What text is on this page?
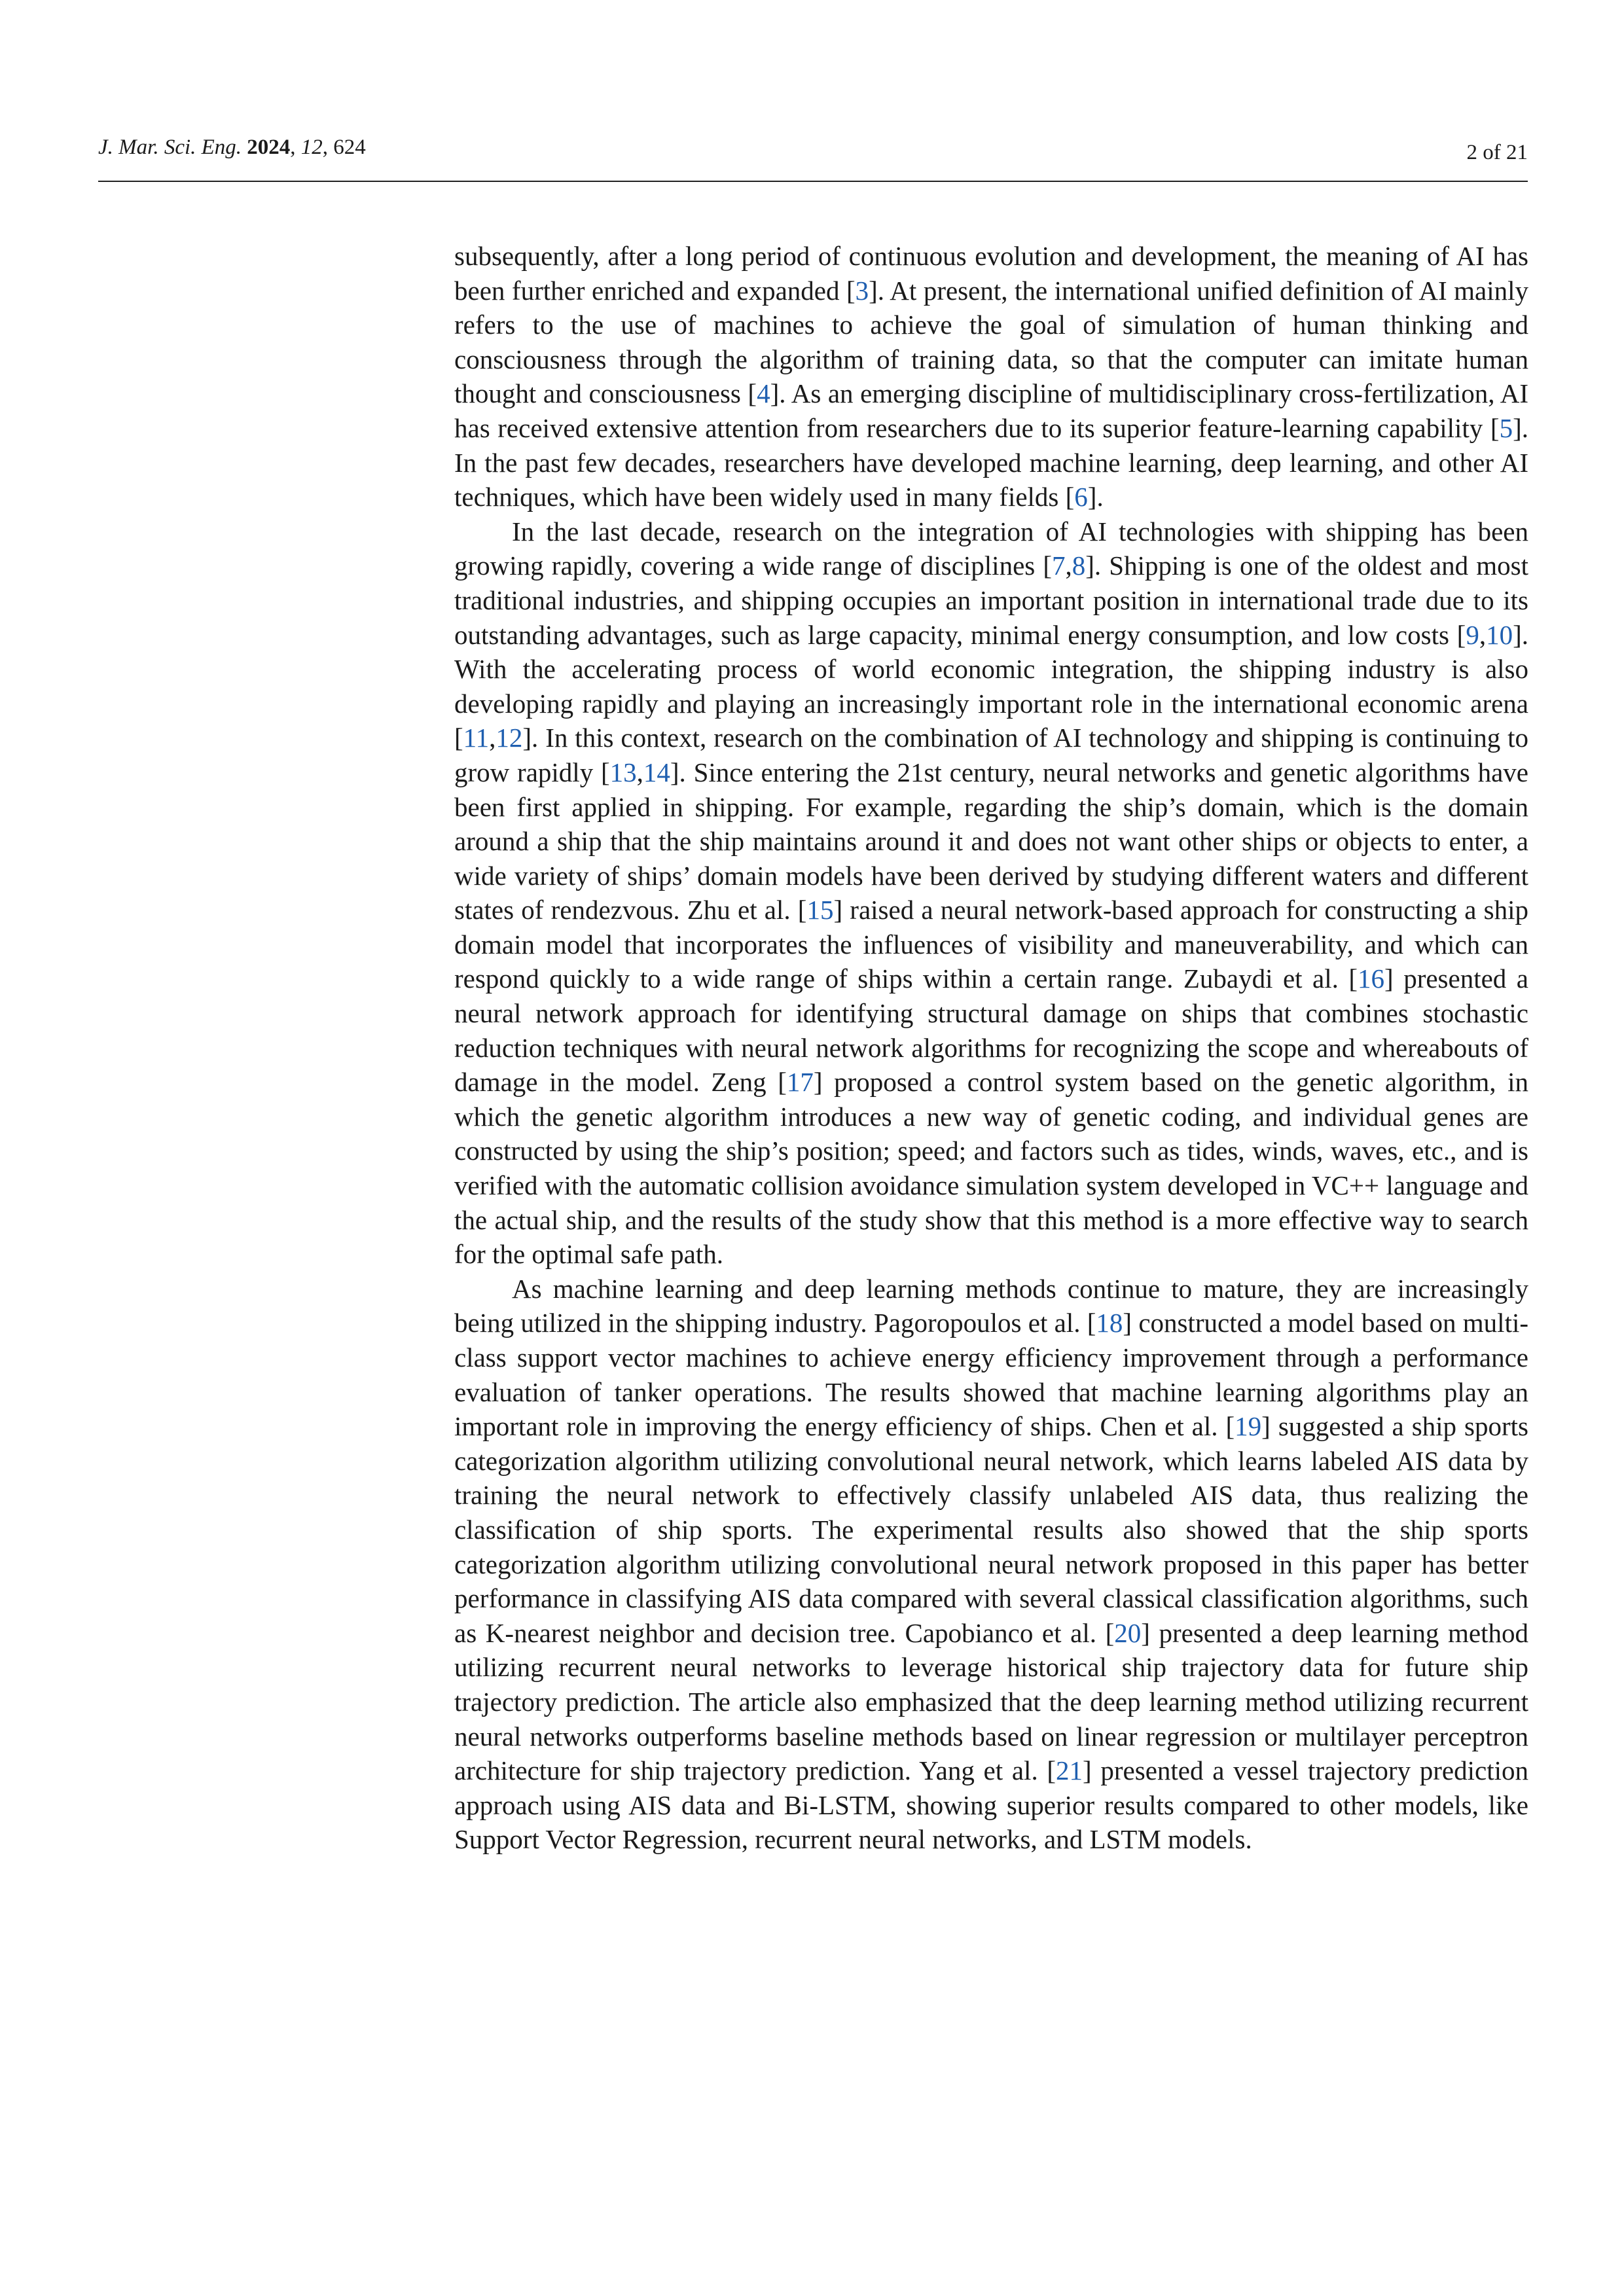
J. Mar. Sci. Eng. 2024, 12, 624	2 of 21

subsequently, after a long period of continuous evolution and development, the meaning of AI has been further enriched and expanded [3]. At present, the international unified definition of AI mainly refers to the use of machines to achieve the goal of simulation of human thinking and consciousness through the algorithm of training data, so that the computer can imitate human thought and consciousness [4]. As an emerging discipline of multidisciplinary cross-fertilization, AI has received extensive attention from researchers due to its superior feature-learning capability [5]. In the past few decades, researchers have developed machine learning, deep learning, and other AI techniques, which have been widely used in many fields [6].

In the last decade, research on the integration of AI technologies with shipping has been growing rapidly, covering a wide range of disciplines [7,8]. Shipping is one of the oldest and most traditional industries, and shipping occupies an important position in international trade due to its outstanding advantages, such as large capacity, minimal energy consumption, and low costs [9,10]. With the accelerating process of world economic integration, the shipping industry is also developing rapidly and playing an increasingly important role in the international economic arena [11,12]. In this context, research on the combination of AI technology and shipping is continuing to grow rapidly [13,14]. Since entering the 21st century, neural networks and genetic algorithms have been first applied in shipping. For example, regarding the ship’s domain, which is the domain around a ship that the ship maintains around it and does not want other ships or objects to enter, a wide variety of ships’ domain models have been derived by studying different waters and different states of rendezvous. Zhu et al. [15] raised a neural network-based approach for constructing a ship domain model that incorporates the influences of visibility and maneuverability, and which can respond quickly to a wide range of ships within a certain range. Zubaydi et al. [16] presented a neural network approach for identifying structural damage on ships that combines stochastic reduction techniques with neural network algorithms for recognizing the scope and whereabouts of damage in the model. Zeng [17] proposed a control system based on the genetic algorithm, in which the genetic algorithm introduces a new way of genetic coding, and individual genes are constructed by using the ship’s position; speed; and factors such as tides, winds, waves, etc., and is verified with the automatic collision avoidance simulation system developed in VC++ language and the actual ship, and the results of the study show that this method is a more effective way to search for the optimal safe path.

As machine learning and deep learning methods continue to mature, they are increasingly being utilized in the shipping industry. Pagoropoulos et al. [18] constructed a model based on multi-class support vector machines to achieve energy efficiency improvement through a performance evaluation of tanker operations. The results showed that machine learning algorithms play an important role in improving the energy efficiency of ships. Chen et al. [19] suggested a ship sports categorization algorithm utilizing convolutional neural network, which learns labeled AIS data by training the neural network to effectively classify unlabeled AIS data, thus realizing the classification of ship sports. The experimental results also showed that the ship sports categorization algorithm utilizing convolutional neural network proposed in this paper has better performance in classifying AIS data compared with several classical classification algorithms, such as K-nearest neighbor and decision tree. Capobianco et al. [20] presented a deep learning method utilizing recurrent neural networks to leverage historical ship trajectory data for future ship trajectory prediction. The article also emphasized that the deep learning method utilizing recurrent neural networks outperforms baseline methods based on linear regression or multilayer perceptron architecture for ship trajectory prediction. Yang et al. [21] presented a vessel trajectory prediction approach using AIS data and Bi-LSTM, showing superior results compared to other models, like Support Vector Regression, recurrent neural networks, and LSTM models.
